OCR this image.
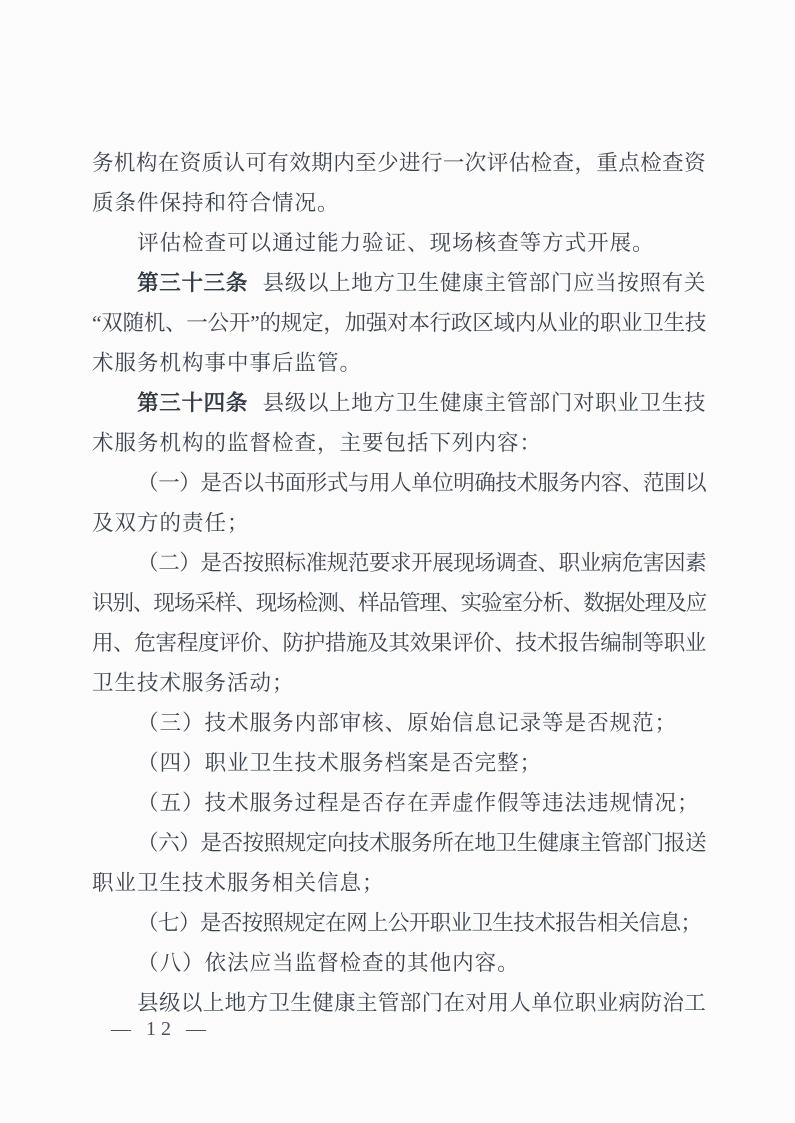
务机构在资质认可有效期内至少进行一次评估检查，重点检查资
质条件保持和符合情况。
评估检查可以通过能力验证、现场核查等方式开展。
第三十三条 县级以上地方卫生健康主管部门应当按照有关
“双随机、一公开”的规定，加强对本行政区域内从业的职业卫生技
术服务机构事中事后监管。
第三十四条 县级以上地方卫生健康主管部门对职业卫生技
术服务机构的监督检查，主要包括下列内容：
（一）是否以书面形式与用人单位明确技术服务内容、范围以
及双方的责任；
（二）是否按照标准规范要求开展现场调查、职业病危害因素
识别、现场采样、现场检测、样品管理、实验室分析、数据处理及应
用、危害程度评价、防护措施及其效果评价、技术报告编制等职业
卫生技术服务活动；
（三）技术服务内部审核、原始信息记录等是否规范；
（四）职业卫生技术服务档案是否完整；
（五）技术服务过程是否存在弄虚作假等违法违规情况；
（六）是否按照规定向技术服务所在地卫生健康主管部门报送
职业卫生技术服务相关信息；
（七）是否按照规定在网上公开职业卫生技术报告相关信息；
（八）依法应当监督检查的其他内容。
县级以上地方卫生健康主管部门在对用人单位职业病防治工
— 12 —
